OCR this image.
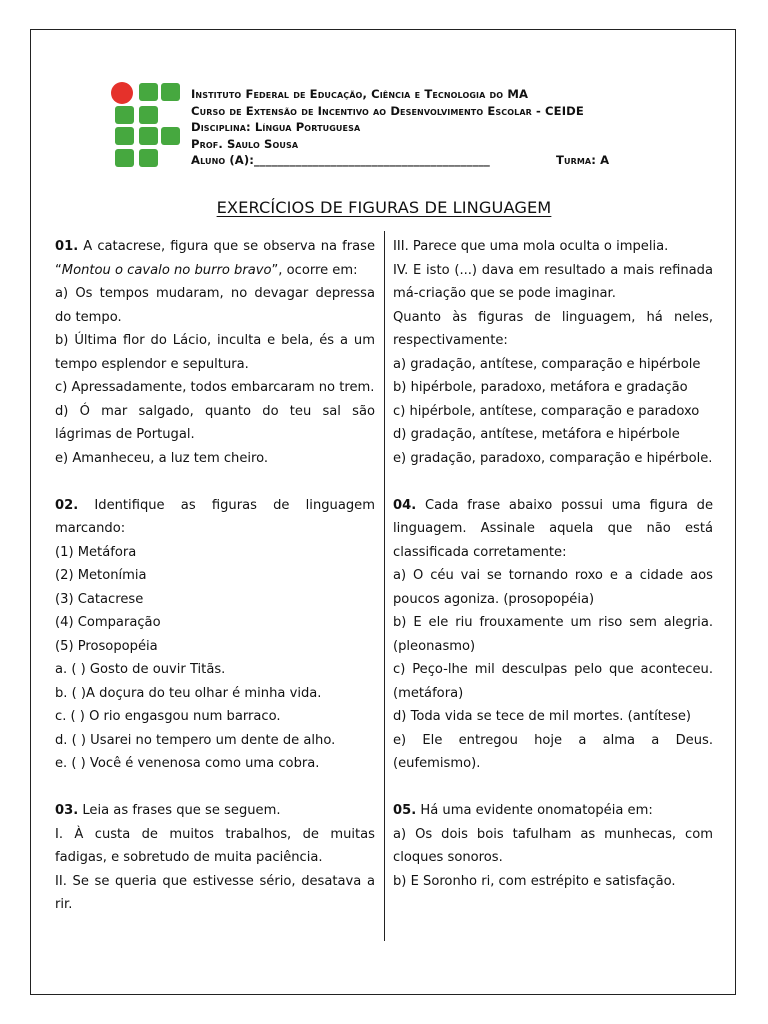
Instituto Federal de Educação, Ciência e Tecnologia do MA
Curso de Extensão de Incentivo ao Desenvolvimento Escolar - CEIDE
Disciplina: Língua Portuguesa
Prof. Saulo Sousa
Aluno (A):________________________________________	Turma: A
EXERCÍCIOS DE FIGURAS DE LINGUAGEM

01. A catacrese, figura que se observa na frase “Montou o cavalo no burro bravo”, ocorre em:

a) Os tempos mudaram, no devagar depressa do tempo.

b) Última flor do Lácio, inculta e bela, és a um tempo esplendor e sepultura.

c) Apressadamente, todos embarcaram no trem.

d) Ó mar salgado, quanto do teu sal são lágrimas de Portugal.

e) Amanheceu, a luz tem cheiro.

02. Identifique as figuras de linguagem marcando:

(1) Metáfora

(2) Metonímia

(3) Catacrese

(4) Comparação

(5) Prosopopéia

a. ( ) Gosto de ouvir Titãs.

b. ( )A doçura do teu olhar é minha vida.

c. ( ) O rio engasgou num barraco.

d. ( ) Usarei no tempero um dente de alho.

e. ( ) Você é venenosa como uma cobra.

03. Leia as frases que se seguem.

I. À custa de muitos trabalhos, de muitas fadigas, e sobretudo de muita paciência.

II. Se se queria que estivesse sério, desatava a rir.

III. Parece que uma mola oculta o impelia.

IV. E isto (...) dava em resultado a mais refinada má-criação que se pode imaginar.

Quanto às figuras de linguagem, há neles, respectivamente:

a) gradação, antítese, comparação e hipérbole

b) hipérbole, paradoxo, metáfora e gradação

c) hipérbole, antítese, comparação e paradoxo

d) gradação, antítese, metáfora e hipérbole

e) gradação, paradoxo, comparação e hipérbole.

04. Cada frase abaixo possui uma figura de linguagem. Assinale aquela que não está classificada corretamente:

a) O céu vai se tornando roxo e a cidade aos poucos agoniza. (prosopopéia)

b) E ele riu frouxamente um riso sem alegria. (pleonasmo)

c) Peço-lhe mil desculpas pelo que aconteceu. (metáfora)

d) Toda vida se tece de mil mortes. (antítese)

e) Ele entregou hoje a alma a Deus. (eufemismo).

05. Há uma evidente onomatopéia em:

a) Os dois bois tafulham as munhecas, com cloques sonoros.

b) E Soronho ri, com estrépito e satisfação.
